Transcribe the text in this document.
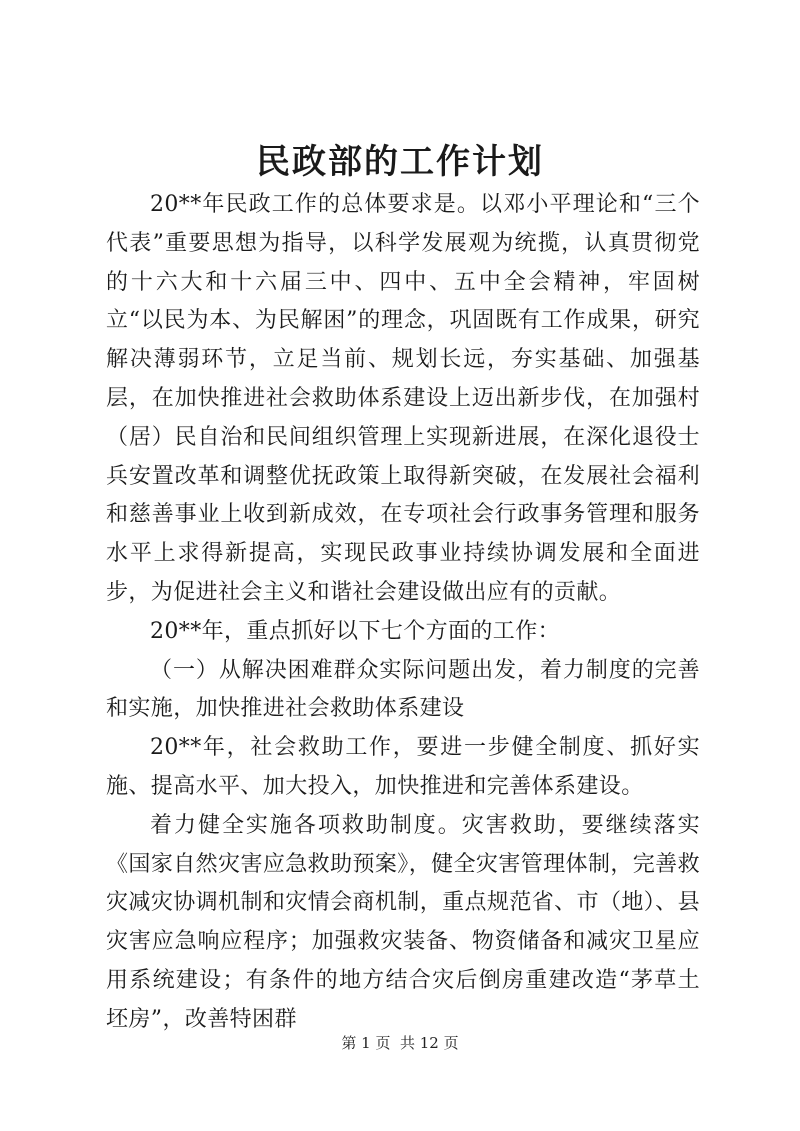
民政部的工作计划

20**年民政工作的总体要求是。以邓小平理论和“三个代表”重要思想为指导，以科学发展观为统揽，认真贯彻党的十六大和十六届三中、四中、五中全会精神，牢固树立“以民为本、为民解困”的理念，巩固既有工作成果，研究解决薄弱环节，立足当前、规划长远，夯实基础、加强基层，在加快推进社会救助体系建设上迈出新步伐，在加强村（居）民自治和民间组织管理上实现新进展，在深化退役士兵安置改革和调整优抚政策上取得新突破，在发展社会福利和慈善事业上收到新成效，在专项社会行政事务管理和服务水平上求得新提高，实现民政事业持续协调发展和全面进步，为促进社会主义和谐社会建设做出应有的贡献。

20**年，重点抓好以下七个方面的工作：

（一）从解决困难群众实际问题出发，着力制度的完善和实施，加快推进社会救助体系建设

20**年，社会救助工作，要进一步健全制度、抓好实施、提高水平、加大投入，加快推进和完善体系建设。

着力健全实施各项救助制度。灾害救助，要继续落实《国家自然灾害应急救助预案》，健全灾害管理体制，完善救灾减灾协调机制和灾情会商机制，重点规范省、市（地）、县灾害应急响应程序；加强救灾装备、物资储备和减灾卫星应用系统建设；有条件的地方结合灾后倒房重建改造“茅草土坯房”，改善特困群

第 1 页  共 12 页
